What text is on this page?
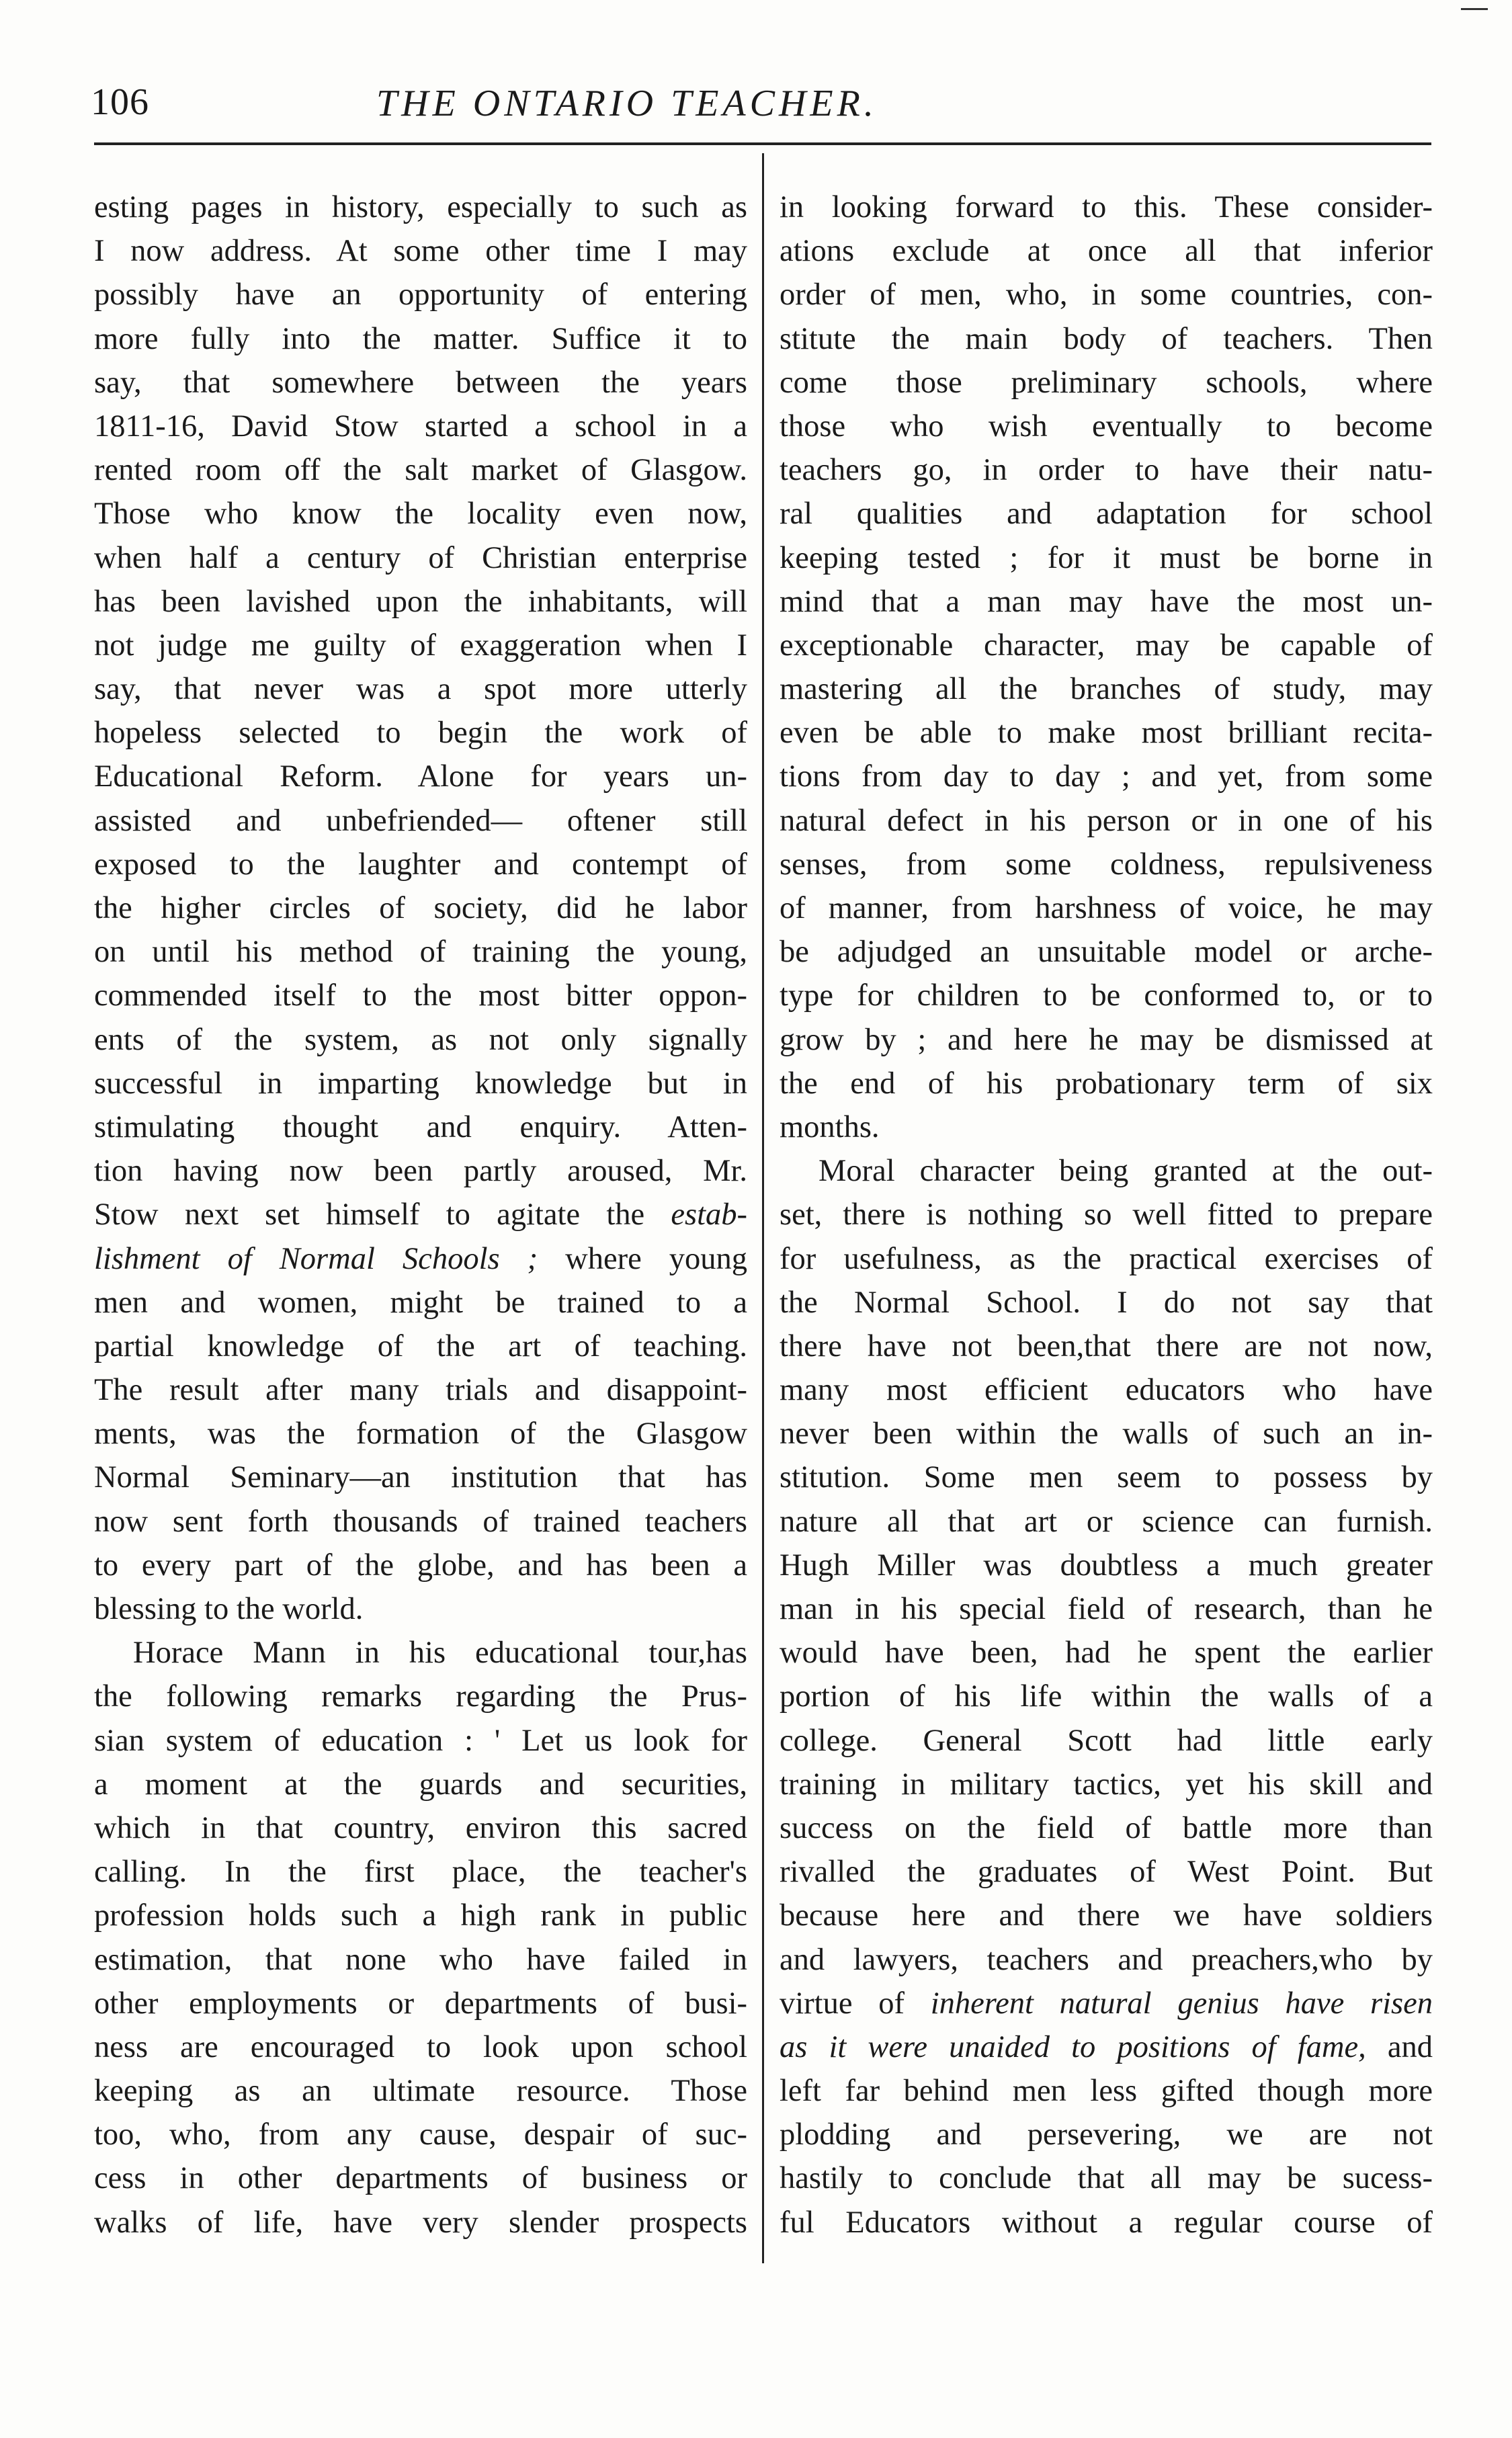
106	THE ONTARIO TEACHER.
esting pages in history, especially to such as
I now address. At some other time I may
possibly have an opportunity of entering
more fully into the matter. Suffice it to
say, that somewhere between the years
1811-16, David Stow started a school in a
rented room off the salt market of Glasgow.
Those who know the locality even now,
when half a century of Christian enterprise
has been lavished upon the inhabitants, will
not judge me guilty of exaggeration when I
say, that never was a spot more utterly
hopeless selected to begin the work of
Educational Reform. Alone for years un-
assisted and unbefriended— oftener still
exposed to the laughter and contempt of
the higher circles of society, did he labor
on until his method of training the young,
commended itself to the most bitter oppon-
ents of the system, as not only signally
successful in imparting knowledge but in
stimulating thought and enquiry. Atten-
tion having now been partly aroused, Mr.
Stow next set himself to agitate the estab-
lishment of Normal Schools ; where young
men and women, might be trained to a
partial knowledge of the art of teaching.
The result after many trials and disappoint-
ments, was the formation of the Glasgow
Normal Seminary—an institution that has
now sent forth thousands of trained teachers
to every part of the globe, and has been a
blessing to the world.
Horace Mann in his educational tour,has
the following remarks regarding the Prus-
sian system of education : ' Let us look for
a moment at the guards and securities,
which in that country, environ this sacred
calling. In the first place, the teacher's
profession holds such a high rank in public
estimation, that none who have failed in
other employments or departments of busi-
ness are encouraged to look upon school
keeping as an ultimate resource. Those
too, who, from any cause, despair of suc-
cess in other departments of business or
walks of life, have very slender prospects
in looking forward to this. These consider-
ations exclude at once all that inferior
order of men, who, in some countries, con-
stitute the main body of teachers. Then
come those preliminary schools, where
those who wish eventually to become
teachers go, in order to have their natu-
ral qualities and adaptation for school
keeping tested ; for it must be borne in
mind that a man may have the most un-
exceptionable character, may be capable of
mastering all the branches of study, may
even be able to make most brilliant recita-
tions from day to day ; and yet, from some
natural defect in his person or in one of his
senses, from some coldness, repulsiveness
of manner, from harshness of voice, he may
be adjudged an unsuitable model or arche-
type for children to be conformed to, or to
grow by ; and here he may be dismissed at
the end of his probationary term of six
months.
Moral character being granted at the out-
set, there is nothing so well fitted to prepare
for usefulness, as the practical exercises of
the Normal School. I do not say that
there have not been,that there are not now,
many most efficient educators who have
never been within the walls of such an in-
stitution. Some men seem to possess by
nature all that art or science can furnish.
Hugh Miller was doubtless a much greater
man in his special field of research, than he
would have been, had he spent the earlier
portion of his life within the walls of a
college. General Scott had little early
training in military tactics, yet his skill and
success on the field of battle more than
rivalled the graduates of West Point. But
because here and there we have soldiers
and lawyers, teachers and preachers,who by
virtue of inherent natural genius have risen
as it were unaided to positions of fame, and
left far behind men less gifted though more
plodding and persevering, we are not
hastily to conclude that all may be sucess-
ful Educators without a regular course of
